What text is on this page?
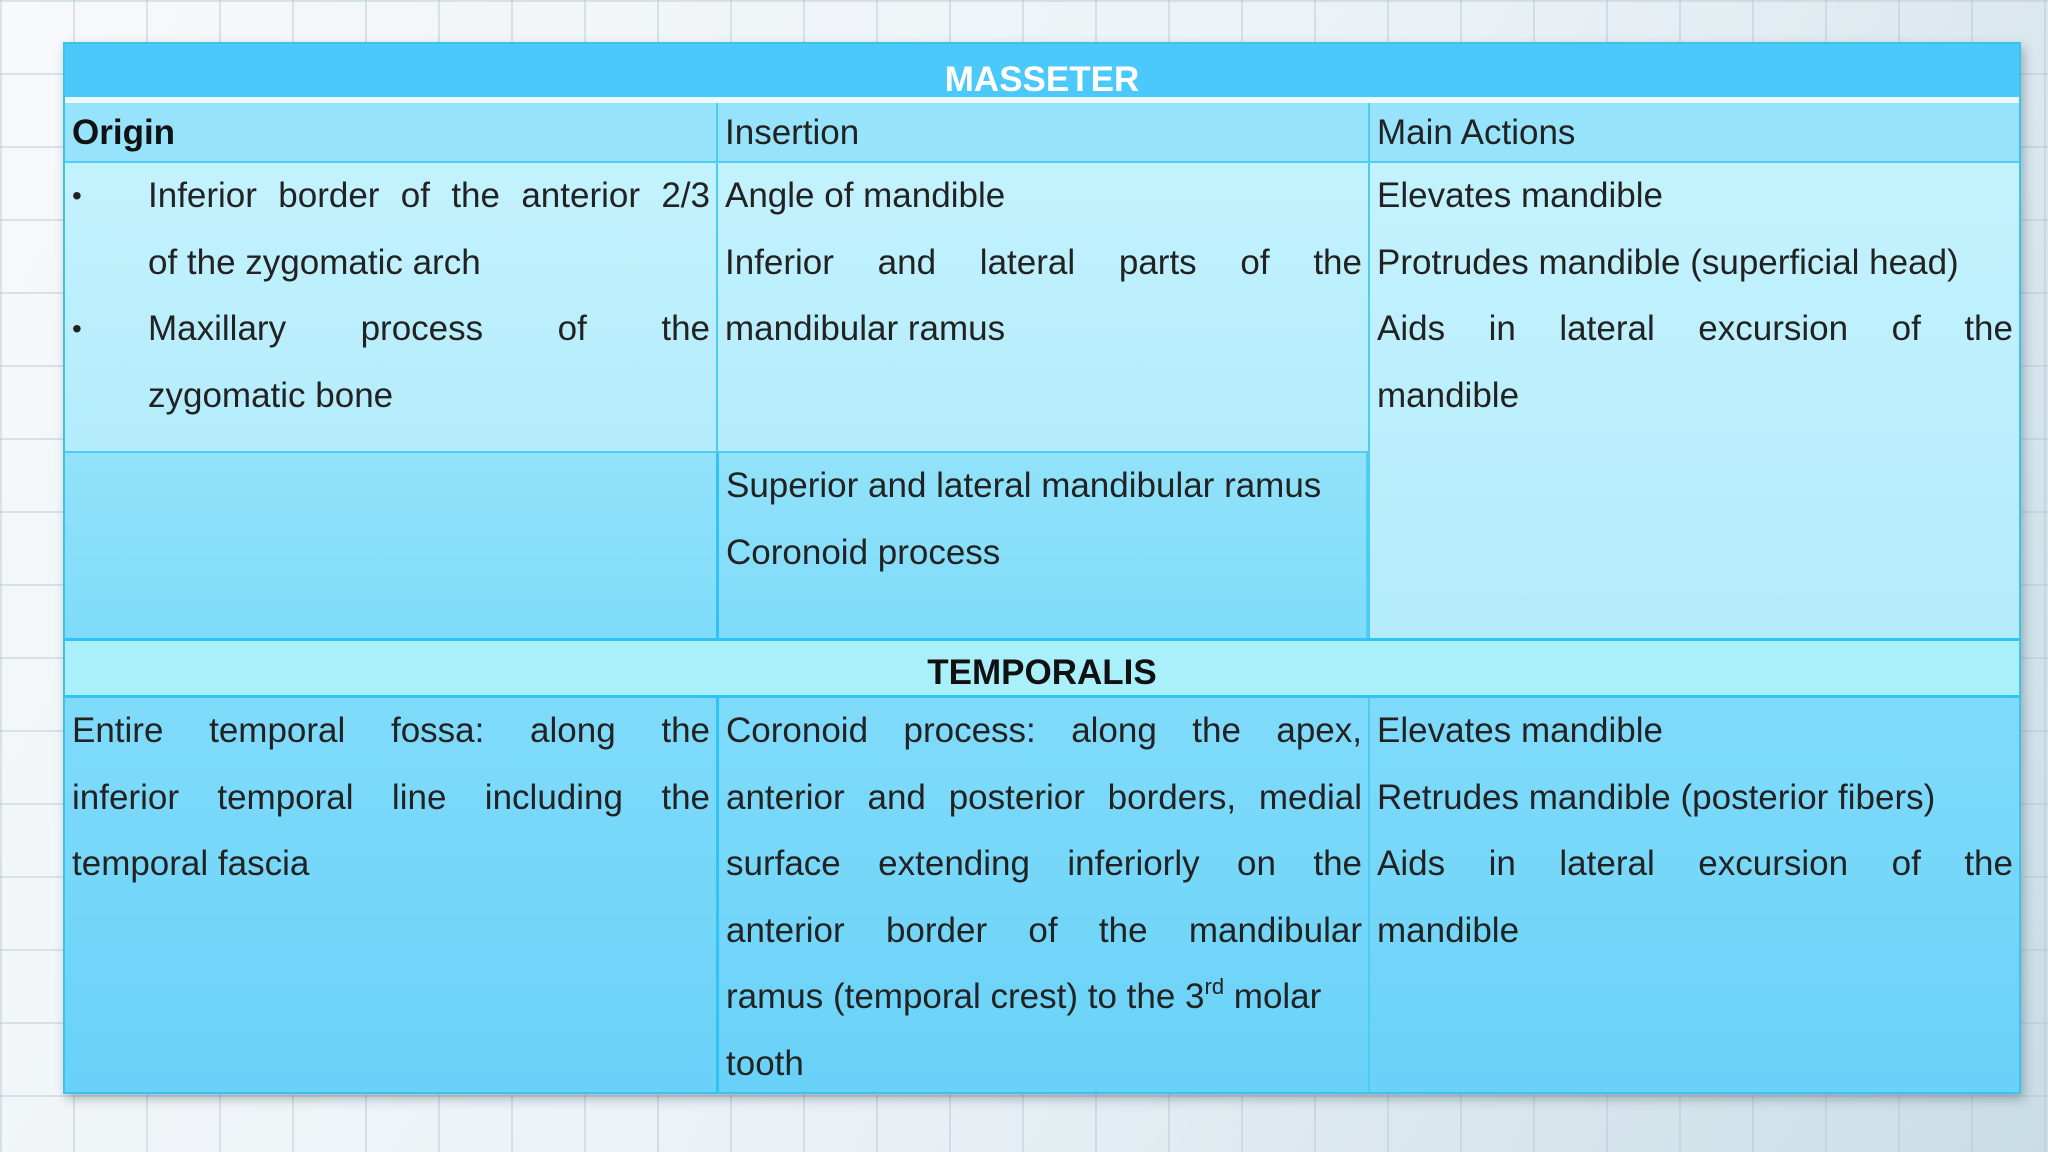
MASSETER
Origin	Insertion	Main Actions
• Inferior border of the anterior 2/3
of the zygomatic arch
• Maxillary process of the
zygomatic bone
Angle of mandible
Inferior and lateral parts of the
mandibular ramus
Superior and lateral mandibular ramus
Coronoid process
Elevates mandible
Protrudes mandible (superficial head)
Aids in lateral excursion of the
mandible
TEMPORALIS
Entire temporal fossa: along the
inferior temporal line including the
temporal fascia
Coronoid process: along the apex,
anterior and posterior borders, medial
surface extending inferiorly on the
anterior border of the mandibular
ramus (temporal crest) to the 3rd molar
tooth
Elevates mandible
Retrudes mandible (posterior fibers)
Aids in lateral excursion of the
mandible
